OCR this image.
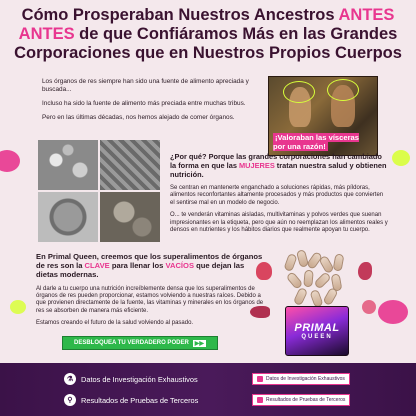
Cómo Prosperaban Nuestros Ancestros ANTES ANTES de que Confiáramos Más en las Grandes Corporaciones que en Nuestros Propios Cuerpos

Los órganos de res siempre han sido una fuente de alimento apreciada y buscada...

Incluso ha sido la fuente de alimento más preciada entre muchas tribus.

Pero en las últimas décadas, nos hemos alejado de comer órganos.

¡Valoraban las vísceras por una razón!
¿Por qué? Porque las grandes corporaciones han cambiado la forma en que las MUJERES tratan nuestra salud y obtienen nutrición.

Se centran en mantenerte enganchado a soluciones rápidas, más píldoras, alimentos reconfortantes altamente procesados y más productos que convierten el sentirse mal en un modelo de negocio.

O... te venderán vitaminas aisladas, multivitaminas y polvos verdes que suenan impresionantes en la etiqueta, pero que aún no reemplazan los alimentos reales y densos en nutrientes y los hábitos diarios que realmente apoyan tu cuerpo.

En Primal Queen, creemos que los superalimentos de órganos de res son la CLAVE para llenar los VACÍOS que dejan las dietas modernas.

Al darle a tu cuerpo una nutrición increíblemente densa que los superalimentos de órganos de res pueden proporcionar, estamos volviendo a nuestras raíces. Debido a que provienen directamente de la fuente, las vitaminas y minerales en los órganos de res se absorben de manera más eficiente.

Estamos creando el futuro de la salud volviendo al pasado.

DESBLOQUEA TU VERDADERO PODER	▶▶
PRIMAL
QUEEN
⚗	Datos de Investigación Exhaustivos
⚲	Resultados de Pruebas de Terceros
Datos de Investigación Exhaustivos
Resultados de Pruebas de Terceros
